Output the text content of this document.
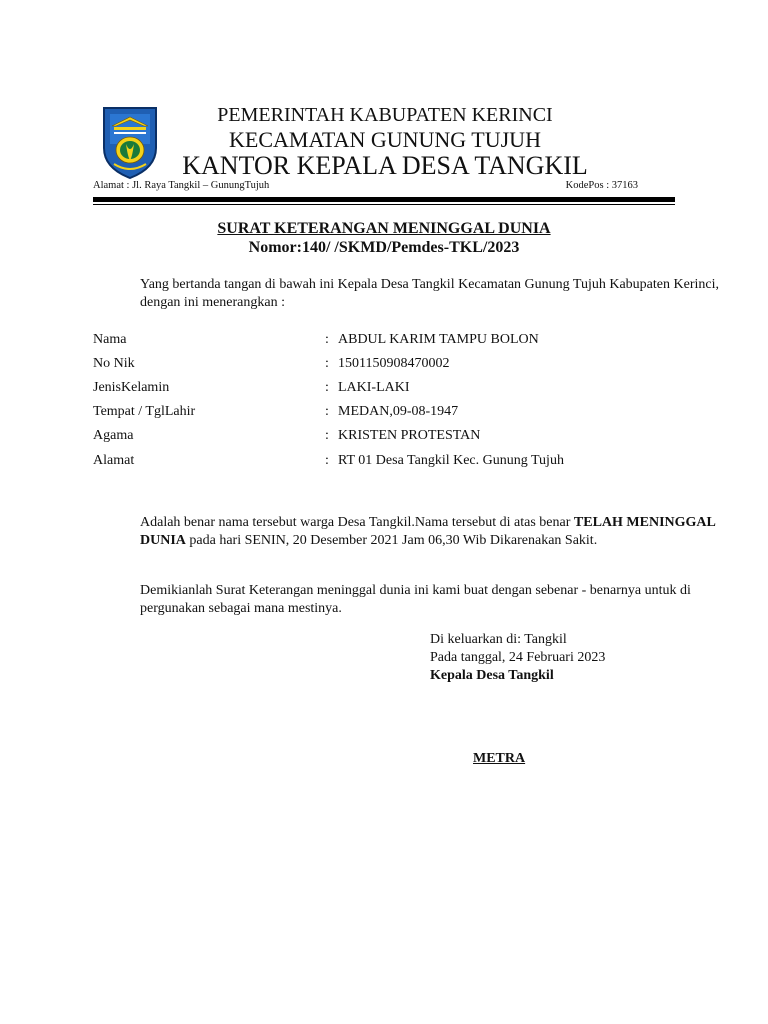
PEMERINTAH KABUPATEN KERINCI
KECAMATAN GUNUNG TUJUH
KANTOR KEPALA DESA TANGKIL
Alamat : Jl. Raya Tangkil – GunungTujuh	KodePos : 37163
SURAT KETERANGAN MENINGGAL DUNIA
Nomor:140/ /SKMD/Pemdes-TKL/2023
Yang bertanda tangan di bawah ini Kepala Desa Tangkil Kecamatan Gunung Tujuh Kabupaten Kerinci, dengan ini menerangkan :
Nama	: ABDUL KARIM TAMPU BOLON
No Nik	: 1501150908470002
JenisKelamin	: LAKI-LAKI
Tempat / TglLahir	: MEDAN,09-08-1947
Agama	: KRISTEN PROTESTAN
Alamat	: RT 01 Desa Tangkil Kec. Gunung Tujuh
Adalah benar nama tersebut warga Desa Tangkil.Nama tersebut di atas benar TELAH MENINGGAL DUNIA pada hari SENIN, 20 Desember 2021 Jam 06,30 Wib Dikarenakan Sakit.
Demikianlah Surat Keterangan meninggal dunia ini kami buat dengan sebenar - benarnya untuk di pergunakan sebagai mana mestinya.
Di keluarkan di: Tangkil
Pada tanggal, 24 Februari 2023
Kepala Desa Tangkil
METRA
